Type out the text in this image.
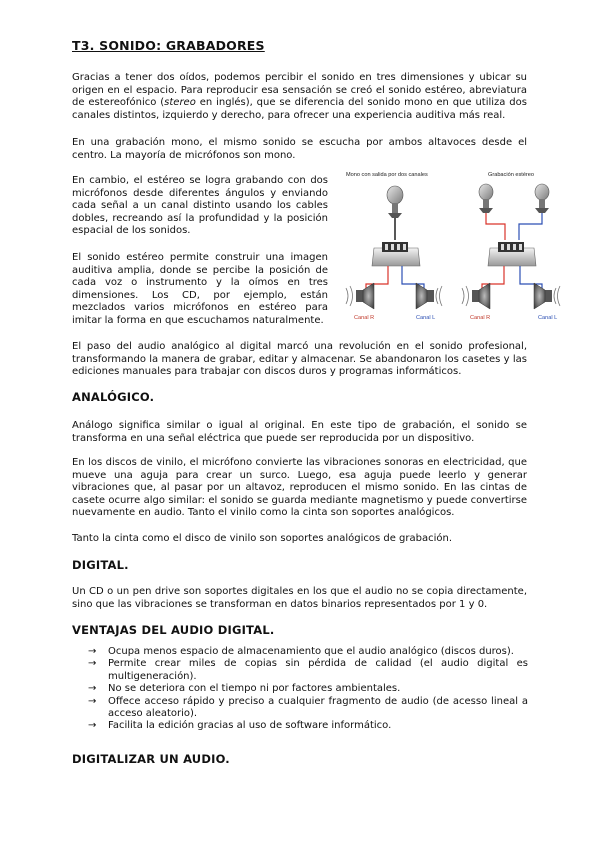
T3. SONIDO: GRABADORES

Gracias a tener dos oídos, podemos percibir el sonido en tres dimensiones y ubicar su origen en el espacio. Para reproducir esa sensación se creó el sonido estéreo, abreviatura de estereofónico (stereo en inglés), que se diferencia del sonido mono en que utiliza dos canales distintos, izquierdo y derecho, para ofrecer una experiencia auditiva más real.

En una grabación mono, el mismo sonido se escucha por ambos altavoces desde el centro. La mayoría de micrófonos son mono.

En cambio, el estéreo se logra grabando con dos micrófonos desde diferentes ángulos y enviando cada señal a un canal distinto usando los cables dobles, recreando así la profundidad y la posición espacial de los sonidos.

El sonido estéreo permite construir una imagen auditiva amplia, donde se percibe la posición de cada voz o instrumento y la oímos en tres dimensiones. Los CD, por ejemplo, están mezclados varios micrófonos en estéreo para imitar la forma en que escuchamos naturalmente.

Mono con salida por dos canales	Grabación estéreo
Canal R	Canal L	Canal R	Canal L

El paso del audio analógico al digital marcó una revolución en el sonido profesional, transformando la manera de grabar, editar y almacenar. Se abandonaron los casetes y las ediciones manuales para trabajar con discos duros y programas informáticos.

ANALÓGICO.

Análogo significa similar o igual al original. En este tipo de grabación, el sonido se transforma en una señal eléctrica que puede ser reproducida por un dispositivo.

En los discos de vinilo, el micrófono convierte las vibraciones sonoras en electricidad, que mueve una aguja para crear un surco. Luego, esa aguja puede leerlo y generar vibraciones que, al pasar por un altavoz, reproducen el mismo sonido. En las cintas de casete ocurre algo similar: el sonido se guarda mediante magnetismo y puede convertirse nuevamente en audio. Tanto el vinilo como la cinta son soportes analógicos.

Tanto la cinta como el disco de vinilo son soportes analógicos de grabación.

DIGITAL.

Un CD o un pen drive son soportes digitales en los que el audio no se copia directamente, sino que las vibraciones se transforman en datos binarios representados por 1 y 0.

VENTAJAS DEL AUDIO DIGITAL.
→ Ocupa menos espacio de almacenamiento que el audio analógico (discos duros).
→ Permite crear miles de copias sin pérdida de calidad (el audio digital es multigeneración).
→ No se deteriora con el tiempo ni por factores ambientales.
→ Offece acceso rápido y preciso a cualquier fragmento de audio (de acesso lineal a acceso aleatorio).
→ Facilita la edición gracias al uso de software informático.
DIGITALIZAR UN AUDIO.
